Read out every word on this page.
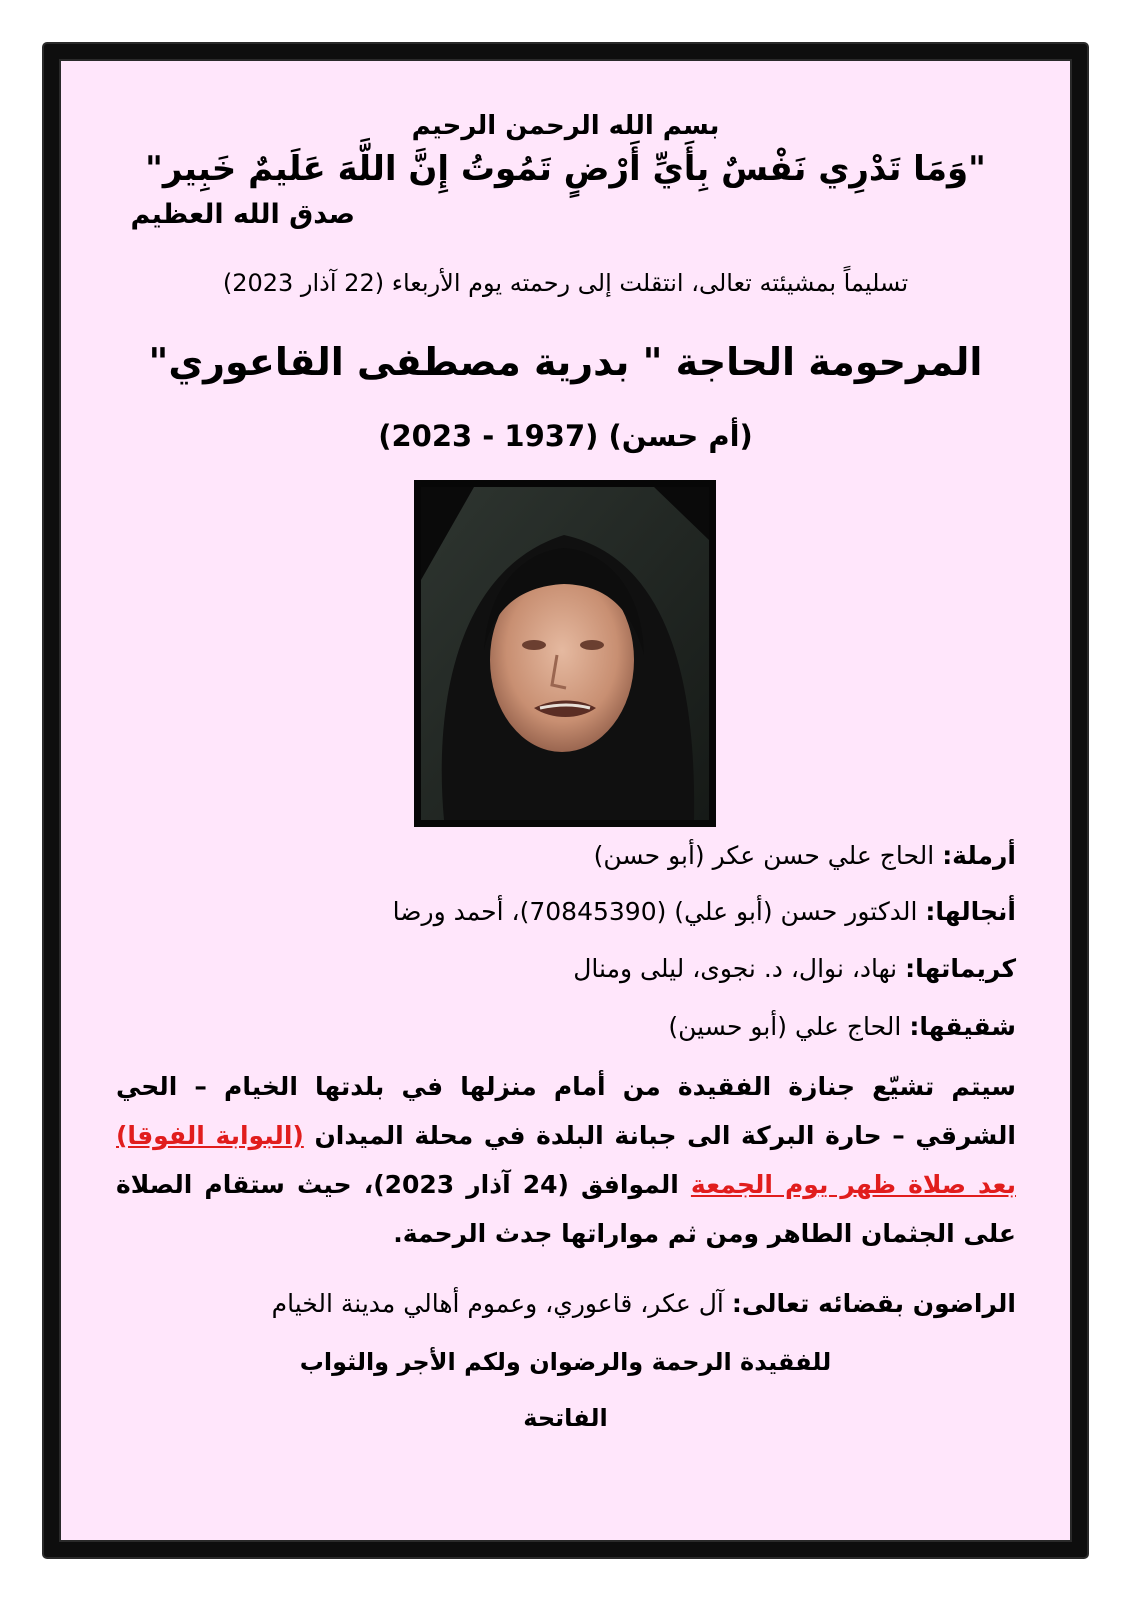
بسم الله الرحمن الرحيم
"وَمَا تَدْرِي نَفْسٌ بِأَيِّ أَرْضٍ تَمُوتُ إِنَّ اللَّهَ عَلَيمٌ خَبِير"
صدق الله العظيم
تسليماً بمشيئته تعالى، انتقلت إلى رحمته يوم الأربعاء (22 آذار 2023)
المرحومة الحاجة " بدرية مصطفى القاعوري"
(أم حسن) (1937 - 2023)
أرملة: الحاج علي حسن عكر (أبو حسن)
أنجالها: الدكتور حسن (أبو علي) (70845390)، أحمد ورضا
كريماتها: نهاد، نوال، د. نجوى، ليلى ومنال
شقيقها: الحاج علي (أبو حسين)
سيتم تشيّع جنازة الفقيدة من أمام منزلها في بلدتها الخيام – الحي الشرقي – حارة البركة الى جبانة البلدة في محلة الميدان (البوابة الفوقا) بعد صلاة ظهر يوم الجمعة الموافق (24 آذار 2023)، حيث ستقام الصلاة على الجثمان الطاهر ومن ثم مواراتها جدث الرحمة.
الراضون بقضائه تعالى: آل عكر، قاعوري، وعموم أهالي مدينة الخيام
للفقيدة الرحمة والرضوان ولكم الأجر والثواب
الفاتحة
